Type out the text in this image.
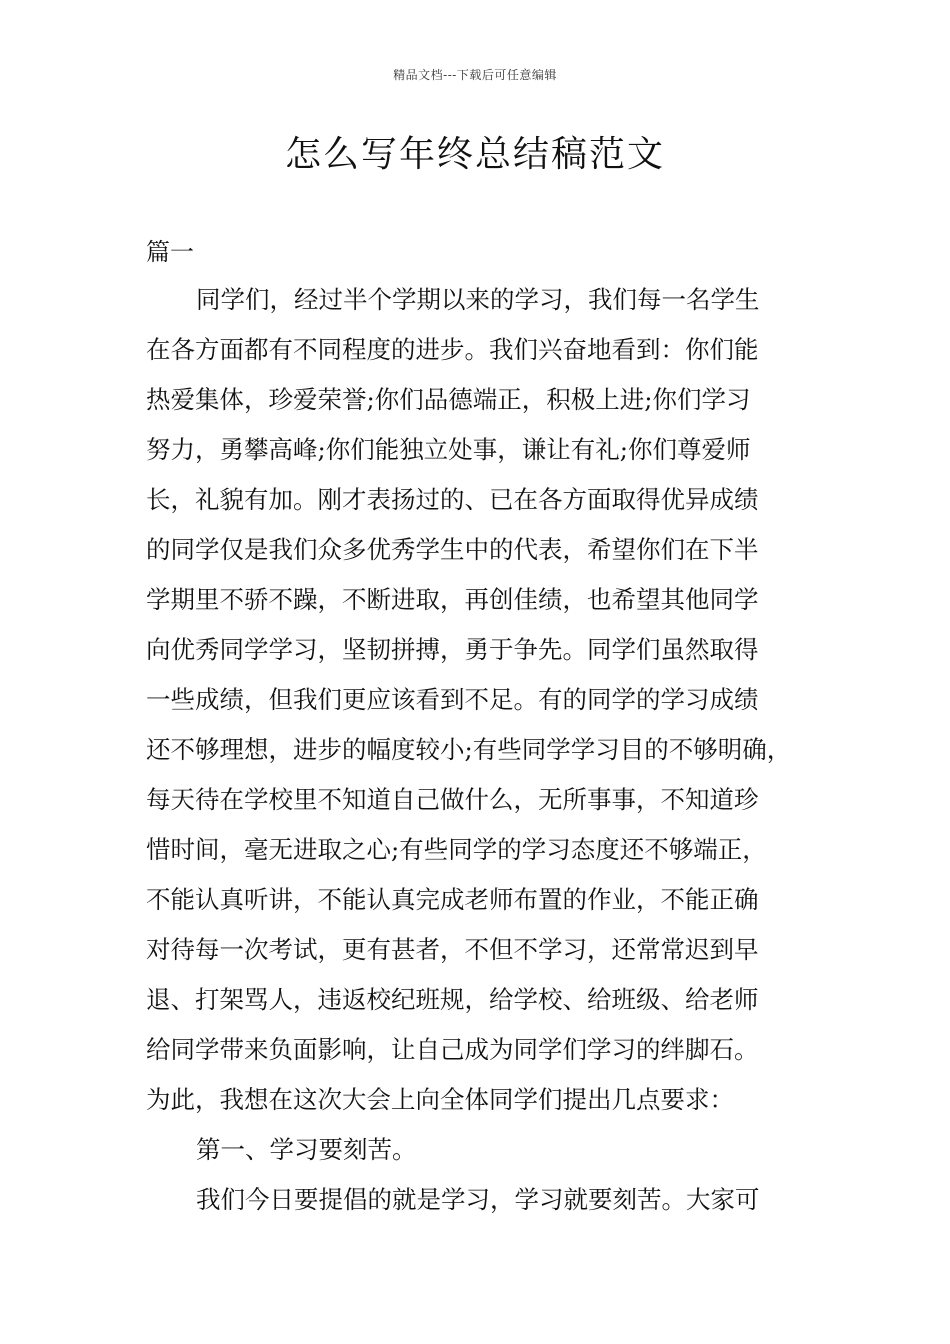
精品文档---下载后可任意编辑
怎么写年终总结稿范文

篇一

同学们，经过半个学期以来的学习，我们每一名学生

在各方面都有不同程度的进步。我们兴奋地看到：你们能

热爱集体，珍爱荣誉;你们品德端正，积极上进;你们学习

努力，勇攀高峰;你们能独立处事，谦让有礼;你们尊爱师

长，礼貌有加。刚才表扬过的、已在各方面取得优异成绩

的同学仅是我们众多优秀学生中的代表，希望你们在下半

学期里不骄不躁，不断进取，再创佳绩，也希望其他同学

向优秀同学学习，坚韧拼搏，勇于争先。同学们虽然取得

一些成绩，但我们更应该看到不足。有的同学的学习成绩

还不够理想，进步的幅度较小;有些同学学习目的不够明确，

每天待在学校里不知道自己做什么，无所事事，不知道珍

惜时间，毫无进取之心;有些同学的学习态度还不够端正，

不能认真听讲，不能认真完成老师布置的作业，不能正确

对待每一次考试，更有甚者，不但不学习，还常常迟到早

退、打架骂人，违返校纪班规，给学校、给班级、给老师

给同学带来负面影响，让自己成为同学们学习的绊脚石。

为此，我想在这次大会上向全体同学们提出几点要求：

第一、学习要刻苦。

我们今日要提倡的就是学习，学习就要刻苦。大家可
